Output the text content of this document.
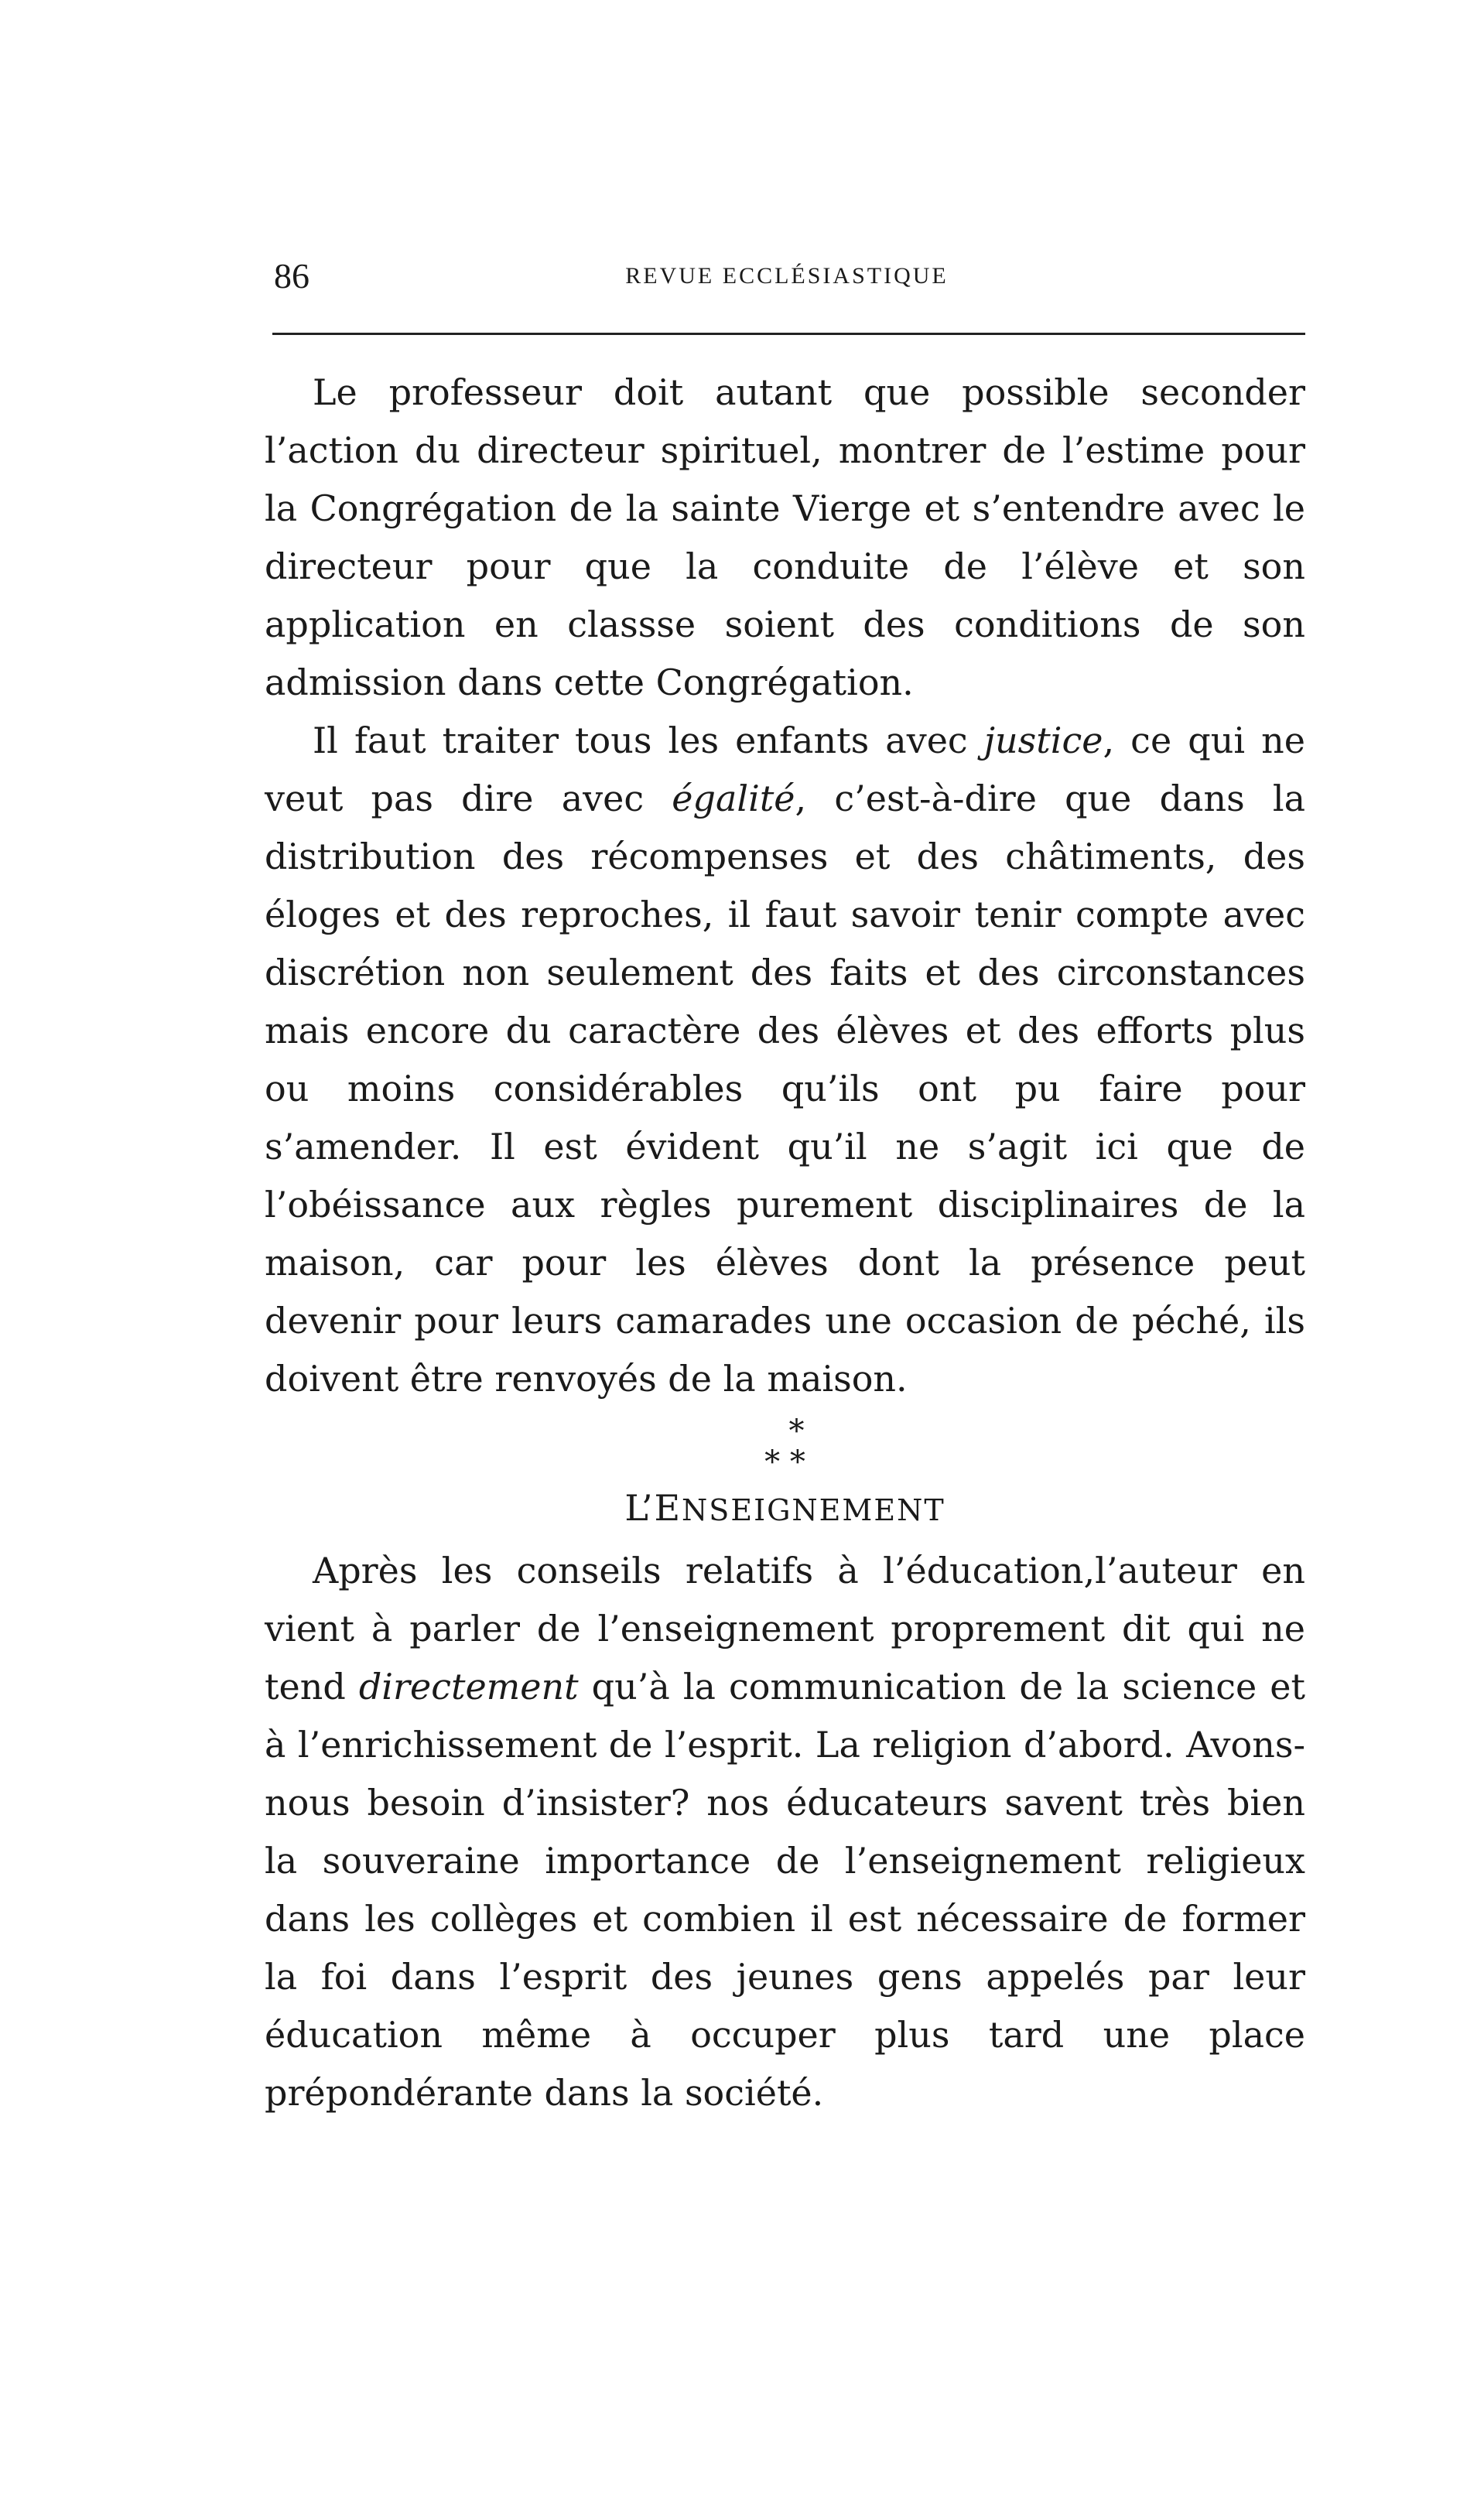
86	REVUE ECCLÉSIASTIQUE

Le professeur doit autant que possible seconder l’action du directeur spirituel, montrer de l’estime pour la Congrégation de la sainte Vierge et s’entendre avec le directeur pour que la conduite de l’élève et son application en classse soient des conditions de son admission dans cette Congrégation.

Il faut traiter tous les enfants avec justice, ce qui ne veut pas dire avec égalité, c’est-à-dire que dans la distribution des récompenses et des châtiments, des éloges et des reproches, il faut savoir tenir compte avec discrétion non seulement des faits et des circonstances mais encore du caractère des élèves et des efforts plus ou moins considérables qu’ils ont pu faire pour s’amender. Il est évident qu’il ne s’agit ici que de l’obéissance aux règles purement disciplinaires de la maison, car pour les élèves dont la présence peut devenir pour leurs camarades une occasion de péché, ils doivent être renvoyés de la maison.

*
* *
L’ENSEIGNEMENT

Après les conseils relatifs à l’éducation,l’auteur en vient à parler de l’enseignement proprement dit qui ne tend directement qu’à la communication de la science et à l’enrichissement de l’esprit. La religion d’abord. Avons-nous besoin d’insister? nos éducateurs savent très bien la souveraine importance de l’enseignement religieux dans les collèges et combien il est nécessaire de former la foi dans l’esprit des jeunes gens appelés par leur éducation même à occuper plus tard une place prépondérante dans la société.
